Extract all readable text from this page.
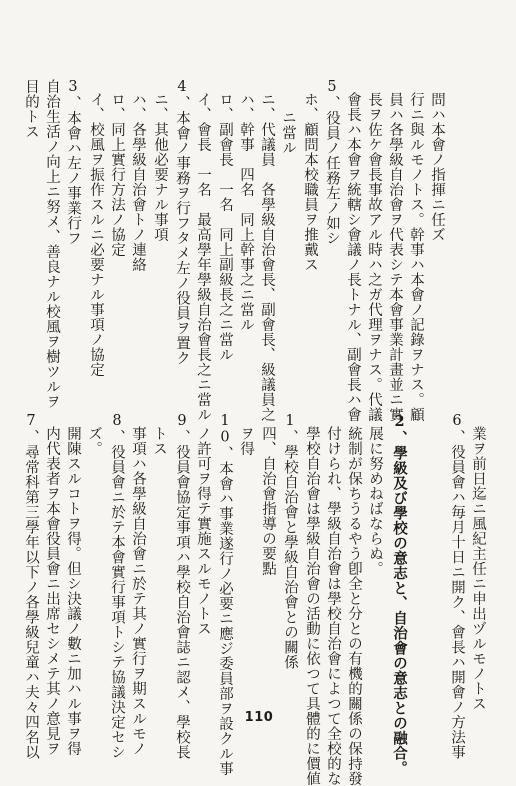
目的トス 自治生活ノ向上ニ努メ、善良ナル校風ヲ樹ツルヲ 3、本會ハ左ノ事業行フ イ、校風ヲ振作スルニ必要ナル事項ノ協定 ロ、同上實行方法ノ協定 ハ、各學級自治會トノ連絡 ニ、其他必要ナル事項 4、本會ノ事務ヲ行フタメ左ノ役員ヲ置ク イ、會長　一名　最高學年學級自治會長之ニ當ル ロ、副會長　一名　同上副級長之ニ當ル ハ、幹事　四名　同上幹事之ニ當ル ニ、代議員　各學級自治會長、副會長、級議員之 ニ當ル ホ、顧問本校職員ヲ推戴ス 5、役員ノ任務左ノ如シ 會長ハ本會ヲ統轄シ會議ノ長トナル、副會長ハ會 長ヲ佐ケ會長事故アル時ハ之ガ代理ヲナス。代議 員ハ各學級自治會ヲ代表シテ本會事業計畫並ニ實 行ニ與ルモノトス。幹事ハ本會ノ記錄ヲナス。顧 問ハ本會ノ指揮ニ任ズ
6、役員會ハ毎月十日ニ開ク、會長ハ開會ノ方法事 業ヲ前日迄ニ風紀主任ニ申出ヅルモノトス
7、尋常科第三學年以下ノ各學級兒童ハ夫々四名以 内代表者ヲ本會役員會ニ出席セシメテ其ノ意見ヲ 開陳スルコトヲ得。但シ決議ノ數ニ加ハル事ヲ得 ズ。 8、役員會ニ於テ本會實行事項トシテ協議決定セシ 事項ハ各學級自治會ニ於テ其ノ實行ヲ期スルモノ トス 9、役員會協定事項ハ學校自治會誌ニ認メ、學校長 ノ許可ヲ得テ實施スルモノトス 10、本會ハ事業遂行ノ必要ニ應ジ委員部ヲ設クル事 ヲ得 四、自治會指導の要點 1、學校自治會と學級自治會との關係 學校自治會は學級自治會の活動に依つて具體的に價値 付けられ、學級自治會は學校自治會によつて全校的な 統制が保ちうるやう卽全と分との有機的關係の保持發 展に努めねばならぬ。 2、學級及び學校の意志と、自治會の意志との融合。
110
